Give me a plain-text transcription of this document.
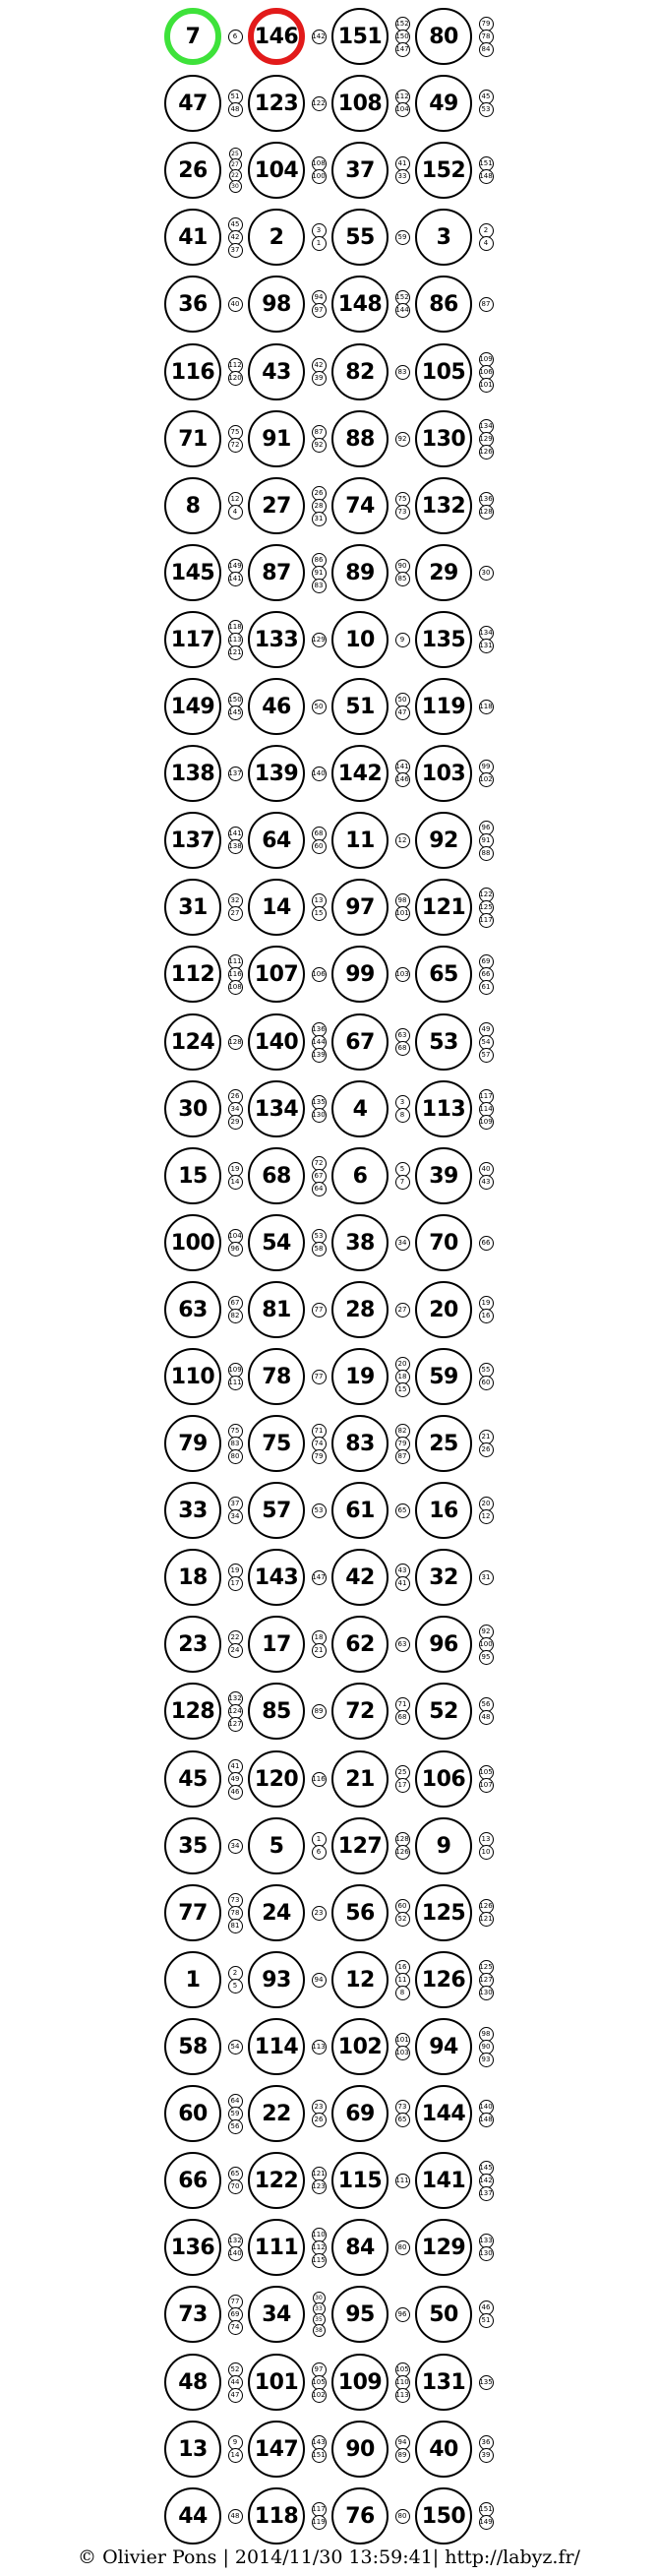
7	6 146	142 151
152
150
147 80
79
78
84
47	51
48 123	122 108	112
104 49	45
53
26
25
27
22
30
104	108
100 37	41
33 152	151
148
41
45
42
37	2	3
1	55	59	3	2
4
36	40	98	94
97 148	152
144 86	87
116	112
120 43	42
39	82	83 105
109
106
101
71	75
72	91	87
92	88	92 130
134
129
126
8	12
4	27
26
28
31	74	75
73 132	136
128
145	149
141 87
86
91
83	89	90
85	29	30
117
118
113
121 133	129 10	9 135	134
131
149	150
145 46	50	51	50
47 119	118
138	137 139	140 142	141
146 103	99
102
137	141
138 64	68
60	11	12	92
96
91
88
31	32
27	14	13
15	97	98
101 121
122
125
117
112
111
116
108 107	106 99	103 65
69
66
61
124	128 140
136
144
139 67	63
68	53
49
54
57
30
26
34
29 134	135
130	4	3
8 113
117
114
109
15	19
14	68
72
67
64	6	5
7	39	40
43
100	104
96	54	53
58	38	34	70	66
63	67
82	81	77	28	27	20	19
16
110	109
111 78	77	19
20
18
15	59	55
60
79
75
83
80	75
71
74
79	83
82
79
87	25	21
26
33	37
34	57	53	61	65	16	20
12
18	19
17 143	147 42	43
41	32	31
23	22
24	17	18
21	62	63	96
92
100
95
128
132
124
127 85	89	72	71
68	52	56
48
45
41
49
46 120	116 21	25
17 106	105
107
35	34	5	1
6 127	128
126	9	13
10
77
73
78
81	24	23	56	60
52 125	126
121
1	2
5	93	94	12
16
11
8 126
125
127
130
58	54 114	113 102	101
103 94
98
90
93
60
64
59
56	22	23
26	69	73
65 144	140
148
66	65
70 122	121
123 115	111 141
145
142
137
136	132
140 111
110
112
115 84	80 129	133
130
73
77
69
74	34
30
33
35
38
95	96	50	46
51
48
52
44
47 101
97
105
102 109
105
110
113 131	135
13	9
14 147	143
151 90	94
89	40	36
39
44	48 118	117
119 76	80 150	151
149
© Olivier Pons | 2014/11/30 13:59:41| http://labyz.fr/
